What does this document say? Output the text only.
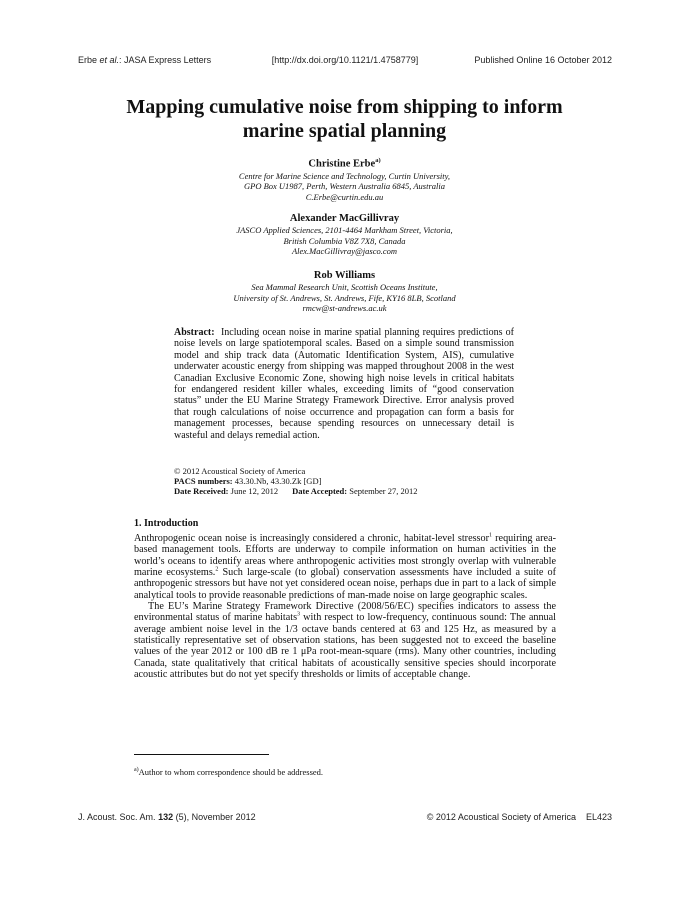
Erbe et al.: JASA Express Letters	[http://dx.doi.org/10.1121/1.4758779]	Published Online 16 October 2012
Mapping cumulative noise from shipping to inform marine spatial planning
Christine Erbe$^{a)}$
Centre for Marine Science and Technology, Curtin University,
GPO Box U1987, Perth, Western Australia 6845, Australia
C.Erbe@curtin.edu.au
Alexander MacGillivray
JASCO Applied Sciences, 2101-4464 Markham Street, Victoria,
British Columbia V8Z 7X8, Canada
Alex.MacGillivray@jasco.com
Rob Williams
Sea Mammal Research Unit, Scottish Oceans Institute,
University of St. Andrews, St. Andrews, Fife, KY16 8LB, Scotland
rmcw@st-andrews.ac.uk
Abstract: Including ocean noise in marine spatial planning requires predictions of noise levels on large spatiotemporal scales. Based on a simple sound transmission model and ship track data (Automatic Identification System, AIS), cumulative underwater acoustic energy from shipping was mapped throughout 2008 in the west Canadian Exclusive Economic Zone, showing high noise levels in critical habitats for endangered resident killer whales, exceeding limits of “good conservation status” under the EU Marine Strategy Framework Directive. Error analysis proved that rough calculations of noise occurrence and propagation can form a basis for management processes, because spending resources on unnecessary detail is wasteful and delays remedial action.
© 2012 Acoustical Society of America
PACS numbers: 43.30.Nb, 43.30.Zk [GD]
Date Received: June 12, 2012 Date Accepted: September 27, 2012
1. Introduction

Anthropogenic ocean noise is increasingly considered a chronic, habitat-level stressor$^1$ requiring area-based management tools. Efforts are underway to compile information on human activities in the world’s oceans to identify areas where anthropogenic activities most strongly overlap with vulnerable marine ecosystems.$^2$ Such large-scale (to global) conservation assessments have included a suite of anthropogenic stressors but have not yet considered ocean noise, perhaps due in part to a lack of simple analytical tools to provide reasonable predictions of man-made noise on large geographic scales.

The EU’s Marine Strategy Framework Directive (2008/56/EC) specifies indicators to assess the environmental status of marine habitats$^3$ with respect to low-frequency, continuous sound: The annual average ambient noise level in the 1/3 octave bands centered at 63 and 125 Hz, as measured by a statistically representative set of observation stations, has been suggested not to exceed the baseline values of the year 2012 or 100 dB re 1 μPa root-mean-square (rms). Many other countries, including Canada, state qualitatively that critical habitats of acoustically sensitive species should incorporate acoustic attributes but do not yet specify thresholds or limits of acceptable change.

$^{a)}$Author to whom correspondence should be addressed.
J. Acoust. Soc. Am. 132 (5), November 2012	© 2012 Acoustical Society of America    EL423
